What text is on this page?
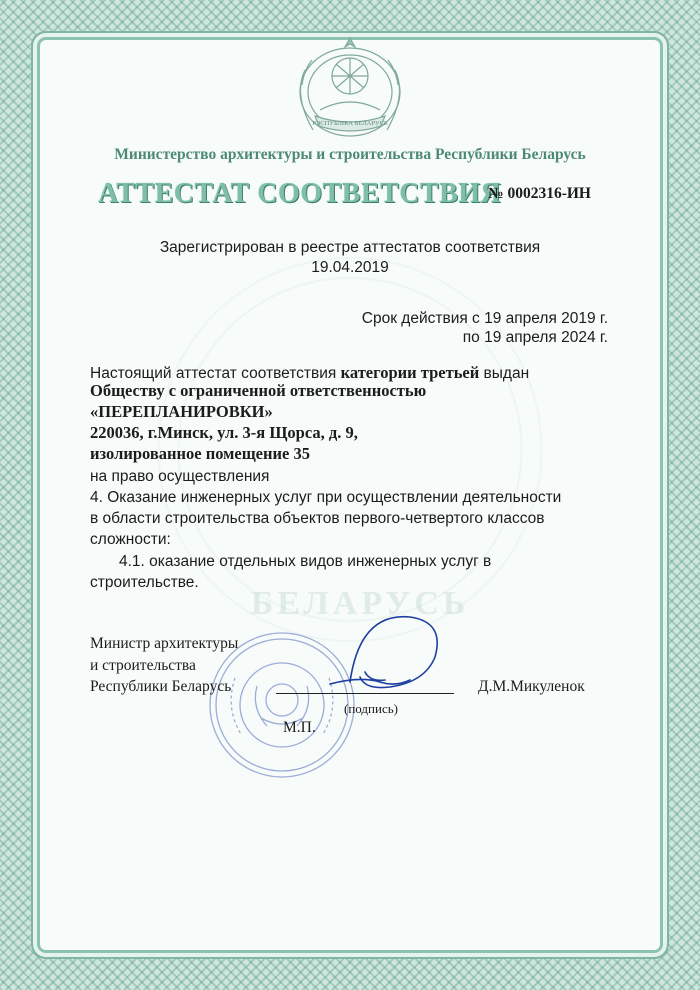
БЕЛАРУСЬ
РЭСПУБЛІКА БЕЛАРУСЬ
Министерство архитектуры и строительства Республики Беларусь
АТТЕСТАТ СООТВЕТСТВИЯ
№ 0002316-ИН
Зарегистрирован в реестре аттестатов соответствия
19.04.2019
Срок действия с 19 апреля 2019 г.
по 19 апреля 2024 г.
Настоящий аттестат соответствия категории третьей выдан
Обществу с ограниченной ответственностью
«ПЕРЕПЛАНИРОВКИ»
220036, г.Минск, ул. 3-я Щорса, д. 9,
изолированное помещение 35
на право осуществления
4. Оказание инженерных услуг при осуществлении деятельности
в области строительства объектов первого-четвертого классов
сложности:
4.1. оказание отдельных видов инженерных услуг в
строительстве.
Министр архитектуры
и строительства
Республики Беларусь	Д.М.Микуленок
(подпись)
М.П.
